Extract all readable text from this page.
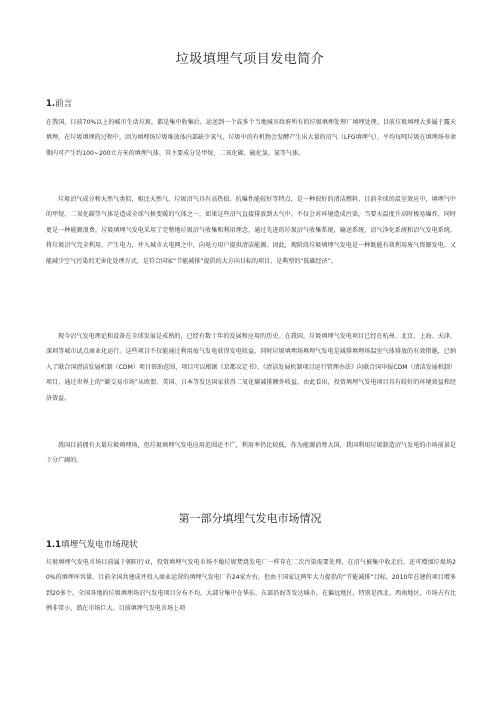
垃圾填埋气项目发电简介
1.前言

在我国，目前70%以上的城市生活垃圾，都是集中收集后，运送到一个或多个当地城市政府所有的垃圾填埋处理厂填埋处理。目前垃圾填埋大多属于露天填埋，在垃圾填埋的过程中，因为填埋场垃圾堆放体内部缺少氧气，垃圾中的有机物会发酵产生出大量的沼气（LFG填埋气），平均每吨垃圾在填埋场寿命期内可产生约100~200立方米的填埋气体，其主要成分是甲烷、二氧化碳、硫化氢、氮等气体。

垃圾沼气成分和天然气类似，相比天然气，垃圾沼气具有高热值、抗爆性能较好等特点，是一种很好的清洁燃料，目前全球的温室效应中，填埋气中的甲烷、二氧化碳等气体是造成全球气候变暖的气体之一，如果这些沼气直接排放到大气中，不仅会对环境造成污染，当要天温度升高时极易爆炸，同时更是一种能源浪费。垃圾填埋气发电采用了完整地垃圾沼气收集和利用理念，通过先进的垃圾沼气收集系统，输送系统，沼气净化系统和沼气发电系统，将垃圾沼气完全利用，产生电力，并入城市大电网之中，向电力用户提供清洁能源。因此，现阶段垃圾填埋气发电是一种既能有效利用废气资源发电，又能减少空气污染的无害化处理方式，是符合国家“节能减排”提倡的大方向目标的项目，是典型的“低碳经济”。

现今沼气发电理论和设备在全球发展是成熟的，已经有数十年的发展和应用的历史。在我国，垃圾填埋气发电项目已经在杭州、北京、上海、天津、深圳等城市试点商业化运行。这些项目不仅能通过利用废气发电获得发电收益，同时垃圾填埋场填埋气发电是减排填埋场温室气体排放的有效措施，已纳入了联合国清洁发展机制（CDM）项目资助范围，项目可以根据《京都议定书》、《清洁发展机制项目运行管理办法》向联合国申报CDM（清洁发展机制）项目，通过世界上的“碳交易市场”从欧盟、美国、日本等发达国家获得二氧化碳减排额外收益。由此看出，投资填埋气发电项目具有较好的环境效益和经济效益。

我国目前拥有大量垃圾填埋场，但垃圾填埋气发电应用范围还不广，利用率仍比较低，作为能源消费大国，我国利用垃圾制造沼气发电的市场前景是十分广阔的。

第一部分填埋气发电市场情况
1.1填埋气发电市场现状

垃圾填埋气发电市场目前属于朝阳行业，投资填埋气发电市场不像垃圾焚烧发电厂一样存在二次污染需要处理，在沼气被集中收走后，还可增加垃圾场20%的填埋库容量。目前全国共建成并投入商业运营的填埋气发电厂有24家左右，但由于国家这两年大力提倡的“节能减排”目标，2010年在建的项目增多到20多个。全国各地的垃圾填埋场沼气发电项目分布不均，大部分集中在华东、东部沿海等发达城市，在偏远地区，特别是西北、西南地区，市场占有比例非常小，潜在市场巨大。目前填埋气发电市场上项
